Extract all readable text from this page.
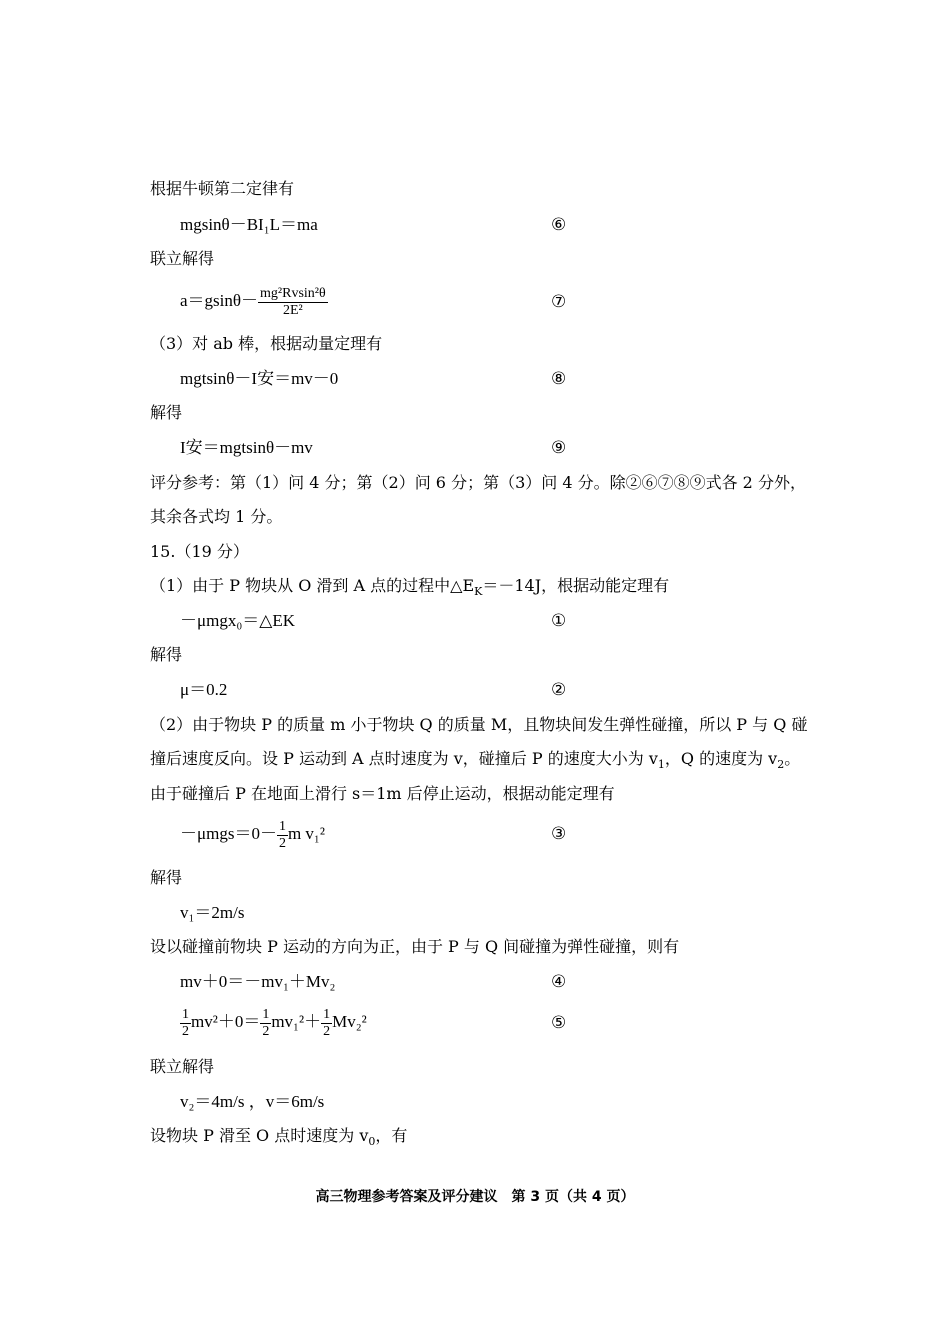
根据牛顿第二定律有
mgsinθ－BI₁L＝ma	⑥
联立解得
$a=gsin\theta- \frac{\text{mg²Rvsin²θ}}{\text{2E²}}$	⑦
（3）对 ab 棒，根据动量定理有
mgtsinθ－I安＝mv－0	⑧
解得
I安＝mgtsinθ－mv	⑨
评分参考：第（1）问 4 分；第（2）问 6 分；第（3）问 4 分。除②⑥⑦⑧⑨式各 2 分外，
其余各式均 1 分。
15.（19 分）
（1）由于 P 物块从 O 滑到 A 点的过程中$\triangle E_K=-14J$，根据动能定理有
－μmgx₀＝△EK	①
解得
μ＝0.2	②
（2）由于物块 P 的质量 m 小于物块 Q 的质量 M，且物块间发生弹性碰撞，所以 P 与 Q 碰
撞后速度反向。设 P 运动到 A 点时速度为 v，碰撞后 P 的速度大小为 $v_1$，Q 的速度为 $v_2$。
由于碰撞后 P 在地面上滑行 s＝1m 后停止运动，根据动能定理有
$-\mu mgs=0- \frac{1}{2}$ m v₁²	③
解得
v₁＝2m/s
设以碰撞前物块 P 运动的方向为正，由于 P 与 Q 间碰撞为弹性碰撞，则有
mv＋0＝－mv₁＋Mv₂	④
$\frac{1}{2} mv^2+0= \frac{1}{2} mv_1^2+ \frac{1}{2} Mv_2^2$	⑤
联立解得
v₂＝4m/s ，v＝6m/s
设物块 P 滑至 O 点时速度为 $v_0$，有
高三物理参考答案及评分建议　第 3 页（共 4 页）
